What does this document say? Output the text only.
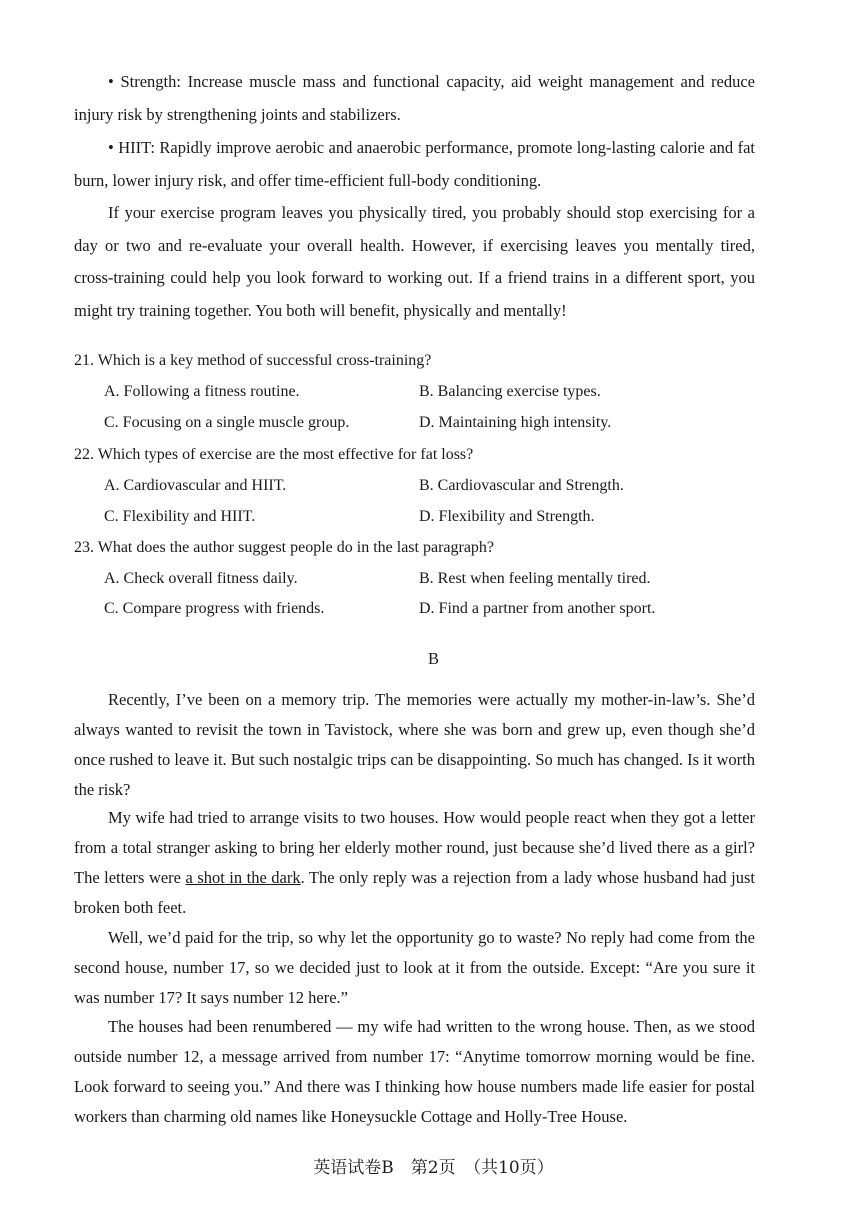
• Strength: Increase muscle mass and functional capacity, aid weight management and reduce injury risk by strengthening joints and stabilizers.

• HIIT: Rapidly improve aerobic and anaerobic performance, promote long-lasting calorie and fat burn, lower injury risk, and offer time-efficient full-body conditioning.

If your exercise program leaves you physically tired, you probably should stop exercising for a day or two and re-evaluate your overall health. However, if exercising leaves you mentally tired, cross-training could help you look forward to working out. If a friend trains in a different sport, you might try training together. You both will benefit, physically and mentally!

21. Which is a key method of successful cross-training?

A. Following a fitness routine.	B. Balancing exercise types.

C. Focusing on a single muscle group.	D. Maintaining high intensity.

22. Which types of exercise are the most effective for fat loss?

A. Cardiovascular and HIIT.	B. Cardiovascular and Strength.

C. Flexibility and HIIT.	D. Flexibility and Strength.

23. What does the author suggest people do in the last paragraph?

A. Check overall fitness daily.	B. Rest when feeling mentally tired.

C. Compare progress with friends.	D. Find a partner from another sport.

B

Recently, I’ve been on a memory trip. The memories were actually my mother-in-law’s. She’d always wanted to revisit the town in Tavistock, where she was born and grew up, even though she’d once rushed to leave it. But such nostalgic trips can be disappointing. So much has changed. Is it worth the risk?

My wife had tried to arrange visits to two houses. How would people react when they got a letter from a total stranger asking to bring her elderly mother round, just because she’d lived there as a girl? The letters were a shot in the dark. The only reply was a rejection from a lady whose husband had just broken both feet.

Well, we’d paid for the trip, so why let the opportunity go to waste? No reply had come from the second house, number 17, so we decided just to look at it from the outside. Except: “Are you sure it was number 17? It says number 12 here.”

The houses had been renumbered — my wife had written to the wrong house. Then, as we stood outside number 12, a message arrived from number 17: “Anytime tomorrow morning would be fine. Look forward to seeing you.” And there was I thinking how house numbers made life easier for postal workers than charming old names like Honeysuckle Cottage and Holly-Tree House.

英语试卷B　第2页　（共10页）
